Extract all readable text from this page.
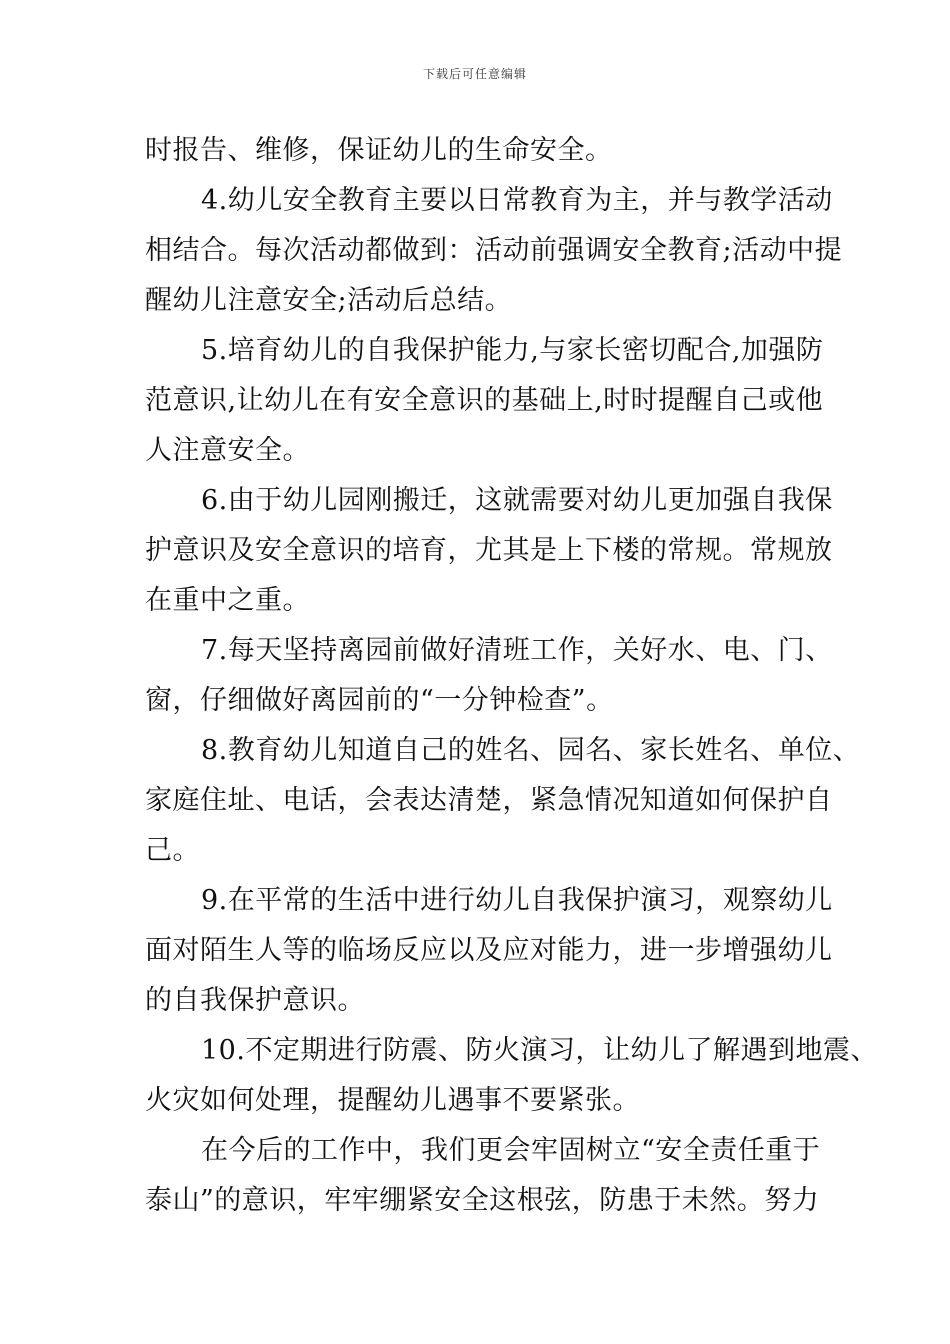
下载后可任意编辑
时报告、维修，保证幼儿的生命安全。
4.幼儿安全教育主要以日常教育为主，并与教学活动
相结合。每次活动都做到：活动前强调安全教育;活动中提
醒幼儿注意安全;活动后总结。
5.培育幼儿的自我保护能力,与家长密切配合,加强防
范意识,让幼儿在有安全意识的基础上,时时提醒自己或他
人注意安全。
6.由于幼儿园刚搬迁，这就需要对幼儿更加强自我保
护意识及安全意识的培育，尤其是上下楼的常规。常规放
在重中之重。
7.每天坚持离园前做好清班工作，关好水、电、门、
窗，仔细做好离园前的“一分钟检查”。
8.教育幼儿知道自己的姓名、园名、家长姓名、单位、
家庭住址、电话，会表达清楚，紧急情况知道如何保护自
己。
9.在平常的生活中进行幼儿自我保护演习，观察幼儿
面对陌生人等的临场反应以及应对能力，进一步增强幼儿
的自我保护意识。
10.不定期进行防震、防火演习，让幼儿了解遇到地震、
火灾如何处理，提醒幼儿遇事不要紧张。
在今后的工作中，我们更会牢固树立“安全责任重于
泰山”的意识，牢牢绷紧安全这根弦，防患于未然。努力
